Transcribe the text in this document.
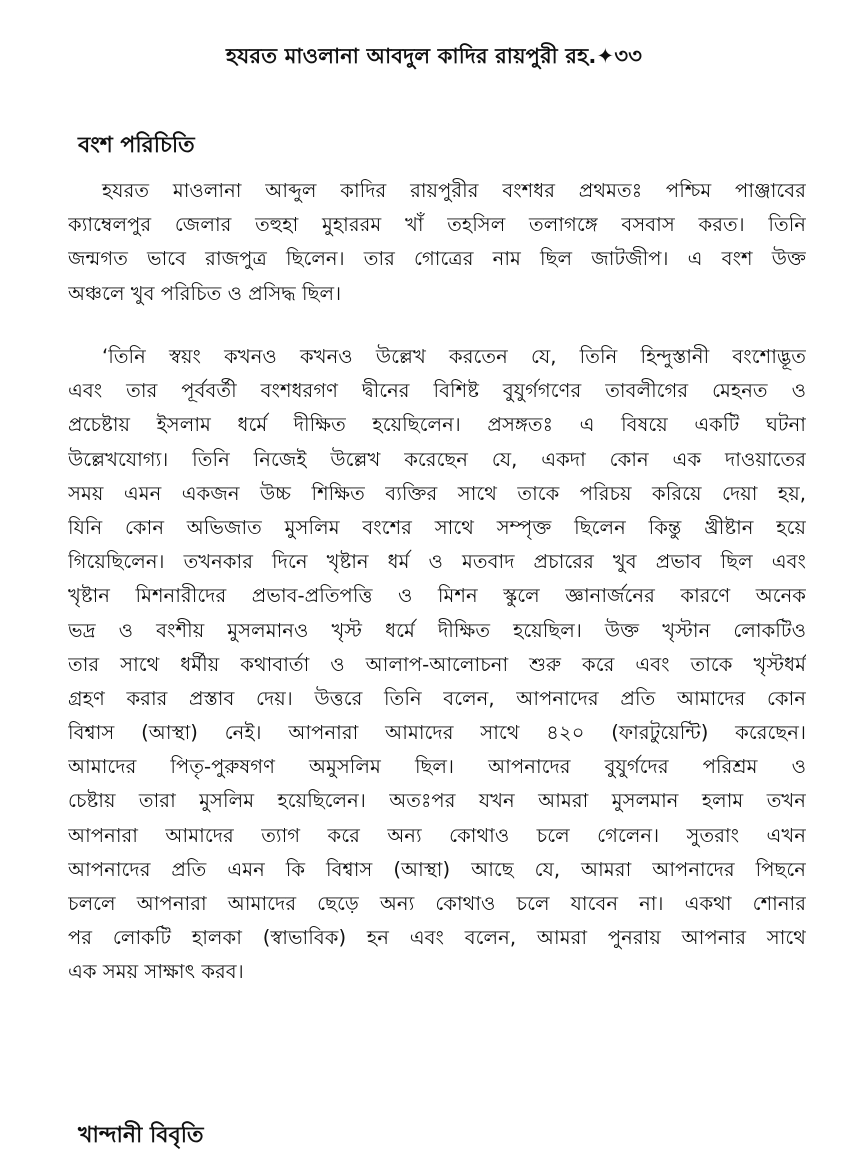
হযরত মাওলানা আবদুল কাদির রায়পুরী রহ.✦৩৩
বংশ পরিচিতি
হযরত মাওলানা আব্দুল কাদির রায়পুরীর বংশধর প্রথমতঃ পশ্চিম পাঞ্জাবের
ক্যাম্বেলপুর জেলার তহুহা মুহাররম খাঁ তহসিল তলাগঙ্গে বসবাস করত। তিনি
জন্মগত ভাবে রাজপুত্র ছিলেন। তার গোত্রের নাম ছিল জাটজীপ। এ বংশ উক্ত
অঞ্চলে খুব পরিচিত ও প্রসিদ্ধ ছিল।
‘তিনি স্বয়ং কখনও কখনও উল্লেখ করতেন যে, তিনি হিন্দুস্তানী বংশোদ্ভূত
এবং তার পূর্ববর্তী বংশধরগণ দ্বীনের বিশিষ্ট বুযুর্গগণের তাবলীগের মেহনত ও
প্রচেষ্টায় ইসলাম ধর্মে দীক্ষিত হয়েছিলেন। প্রসঙ্গতঃ এ বিষয়ে একটি ঘটনা
উল্লেখযোগ্য। তিনি নিজেই উল্লেখ করেছেন যে, একদা কোন এক দাওয়াতের
সময় এমন একজন উচ্চ শিক্ষিত ব্যক্তির সাথে তাকে পরিচয় করিয়ে দেয়া হয়,
যিনি কোন অভিজাত মুসলিম বংশের সাথে সম্পৃক্ত ছিলেন কিন্তু খ্রীষ্টান হয়ে
গিয়েছিলেন। তখনকার দিনে খৃষ্টান ধর্ম ও মতবাদ প্রচারের খুব প্রভাব ছিল এবং
খৃষ্টান মিশনারীদের প্রভাব-প্রতিপত্তি ও মিশন স্কুলে জ্ঞানার্জনের কারণে অনেক
ভদ্র ও বংশীয় মুসলমানও খৃস্ট ধর্মে দীক্ষিত হয়েছিল। উক্ত খৃস্টান লোকটিও
তার সাথে ধর্মীয় কথাবার্তা ও আলাপ-আলোচনা শুরু করে এবং তাকে খৃস্টধর্ম
গ্রহণ করার প্রস্তাব দেয়। উত্তরে তিনি বলেন, আপনাদের প্রতি আমাদের কোন
বিশ্বাস (আস্থা) নেই। আপনারা আমাদের সাথে ৪২০ (ফারটুয়েন্টি) করেছেন।
আমাদের পিতৃ-পুরুষগণ অমুসলিম ছিল। আপনাদের বুযুর্গদের পরিশ্রম ও
চেষ্টায় তারা মুসলিম হয়েছিলেন। অতঃপর যখন আমরা মুসলমান হলাম তখন
আপনারা আমাদের ত্যাগ করে অন্য কোথাও চলে গেলেন। সুতরাং এখন
আপনাদের প্রতি এমন কি বিশ্বাস (আস্থা) আছে যে, আমরা আপনাদের পিছনে
চললে আপনারা আমাদের ছেড়ে অন্য কোথাও চলে যাবেন না। একথা শোনার
পর লোকটি হালকা (স্বাভাবিক) হন এবং বলেন, আমরা পুনরায় আপনার সাথে
এক সময় সাক্ষাৎ করব।
খান্দানী বিবৃতি
